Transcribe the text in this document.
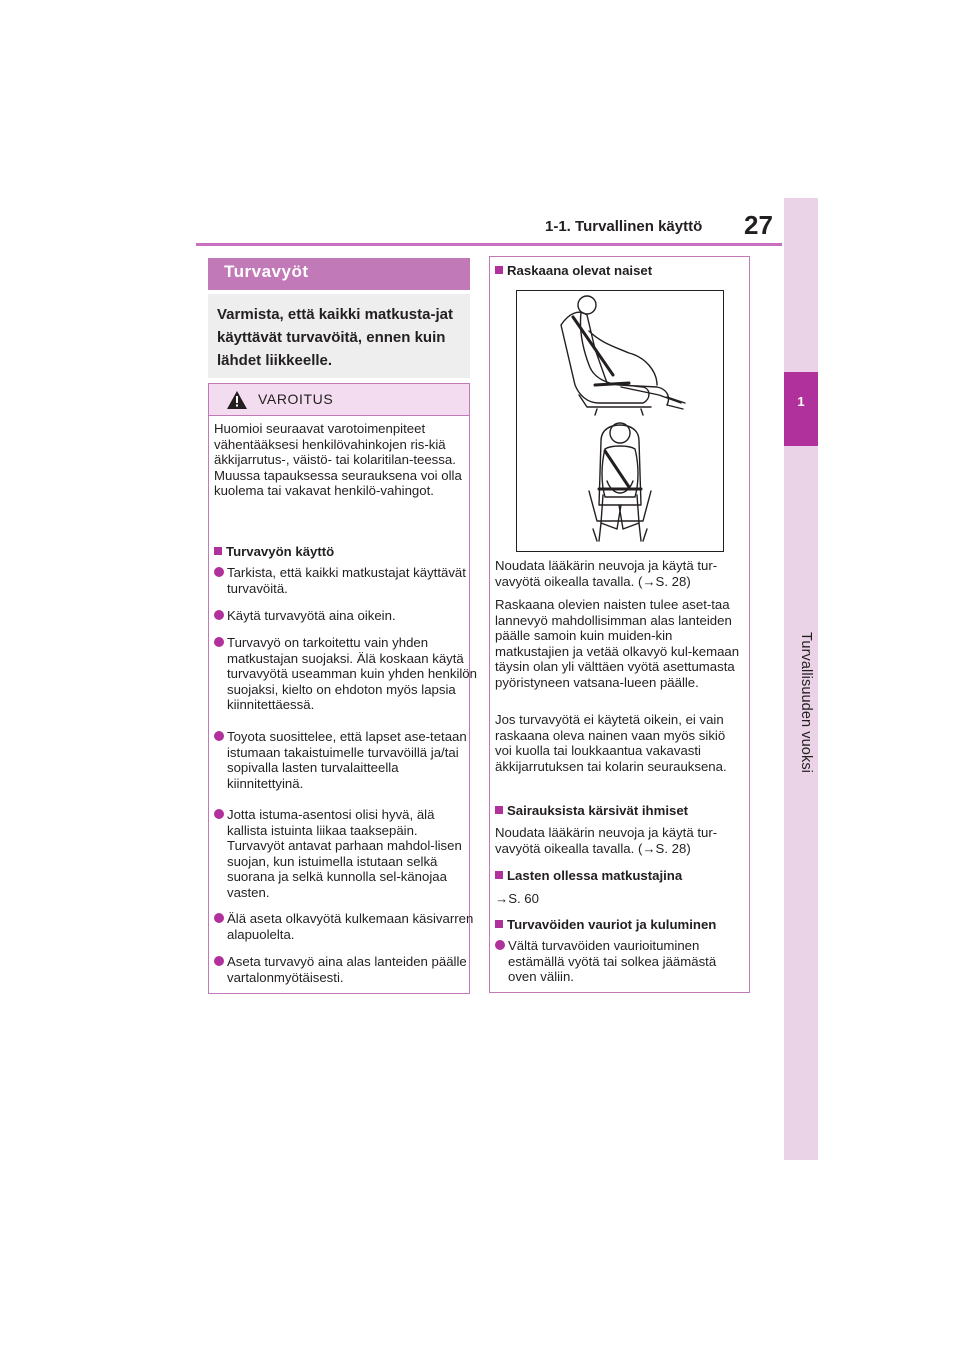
1-1. Turvallinen käyttö 27
1
Turvallisuuden vuoksi
Turvavyöt

Varmista, että kaikki matkusta-jat käyttävät turvavöitä, ennen kuin lähdet liikkeelle.

VAROITUS

Huomioi seuraavat varotoimenpiteet vähentääksesi henkilövahinkojen ris-kiä äkkijarrutus-, väistö- tai kolaritilan-teessa. Muussa tapauksessa seurauksena voi olla kuolema tai vakavat henkilö-vahingot.

Turvavyön käyttö
Tarkista, että kaikki matkustajat käyttävät turvavöitä.
Käytä turvavyötä aina oikein.
Turvavyö on tarkoitettu vain yhden matkustajan suojaksi. Älä koskaan käytä turvavyötä useamman kuin yhden henkilön suojaksi, kielto on ehdoton myös lapsia kiinnitettäessä.
Toyota suosittelee, että lapset ase-tetaan istumaan takaistuimelle turvavöillä ja/tai sopivalla lasten turvalaitteella kiinnitettyinä.
Jotta istuma-asentosi olisi hyvä, älä kallista istuinta liikaa taaksepäin. Turvavyöt antavat parhaan mahdol-lisen suojan, kun istuimella istutaan selkä suorana ja selkä kunnolla sel-känojaa vasten.
Älä aseta olkavyötä kulkemaan käsivarren alapuolelta.
Aseta turvavyö aina alas lanteiden päälle vartalonmyötäisesti.
Raskaana olevat naiset

Noudata lääkärin neuvoja ja käytä tur-vavyötä oikealla tavalla. (→S. 28)

Raskaana olevien naisten tulee aset-taa lannevyö mahdollisimman alas lanteiden päälle samoin kuin muiden-kin matkustajien ja vetää olkavyö kul-kemaan täysin olan yli välttäen vyötä asettumasta pyöristyneen vatsana-lueen päälle.

Jos turvavyötä ei käytetä oikein, ei vain raskaana oleva nainen vaan myös sikiö voi kuolla tai loukkaantua vakavasti äkkijarrutuksen tai kolarin seurauksena.

Sairauksista kärsivät ihmiset

Noudata lääkärin neuvoja ja käytä tur-vavyötä oikealla tavalla. (→S. 28)

Lasten ollessa matkustajina

→S. 60

Turvavöiden vauriot ja kuluminen
Vältä turvavöiden vaurioituminen estämällä vyötä tai solkea jäämästä oven väliin.
